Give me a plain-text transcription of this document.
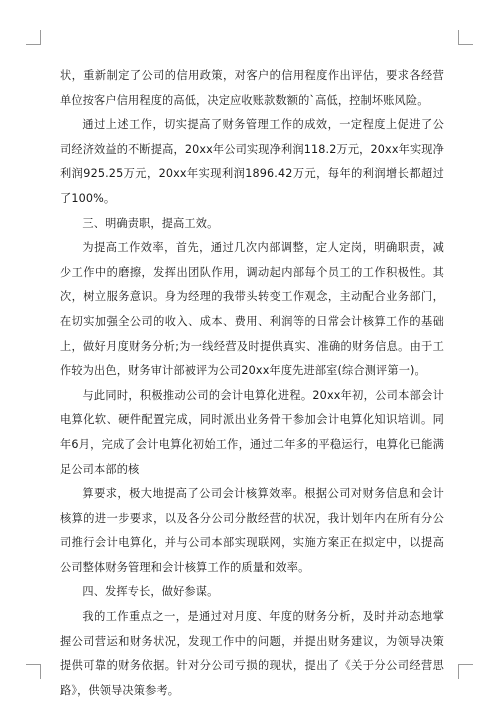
状，重新制定了公司的信用政策，对客户的信用程度作出评估，要求各经营单位按客户信用程度的高低，决定应收账款数额的`高低，控制坏账风险。

通过上述工作，切实提高了财务管理工作的成效，一定程度上促进了公司经济效益的不断提高，20xx年公司实现净利润118.2万元，20xx年实现净利润925.25万元，20xx年实现利润1896.42万元，每年的利润增长都超过了100%。

三、明确责职，提高工效。

为提高工作效率，首先，通过几次内部调整，定人定岗，明确职责，减少工作中的磨擦，发挥出团队作用，调动起内部每个员工的工作积极性。其次，树立服务意识。身为经理的我带头转变工作观念，主动配合业务部门，在切实加强全公司的收入、成本、费用、利润等的日常会计核算工作的基础上，做好月度财务分析;为一线经营及时提供真实、准确的财务信息。由于工作较为出色，财务审计部被评为公司20xx年度先进部室(综合测评第一)。

与此同时，积极推动公司的会计电算化进程。20xx年初，公司本部会计电算化软、硬件配置完成，同时派出业务骨干参加会计电算化知识培训。同年6月，完成了会计电算化初始工作，通过二年多的平稳运行，电算化已能满足公司本部的核

算要求，极大地提高了公司会计核算效率。根据公司对财务信息和会计核算的进一步要求，以及各分公司分散经营的状况，我计划年内在所有分公司推行会计电算化，并与公司本部实现联网，实施方案正在拟定中，以提高公司整体财务管理和会计核算工作的质量和效率。

四、发挥专长，做好参谋。

我的工作重点之一，是通过对月度、年度的财务分析，及时并动态地掌握公司营运和财务状况，发现工作中的问题，并提出财务建议，为领导决策提供可靠的财务依据。针对分公司亏损的现状，提出了《关于分公司经营思路》，供领导决策参考。
